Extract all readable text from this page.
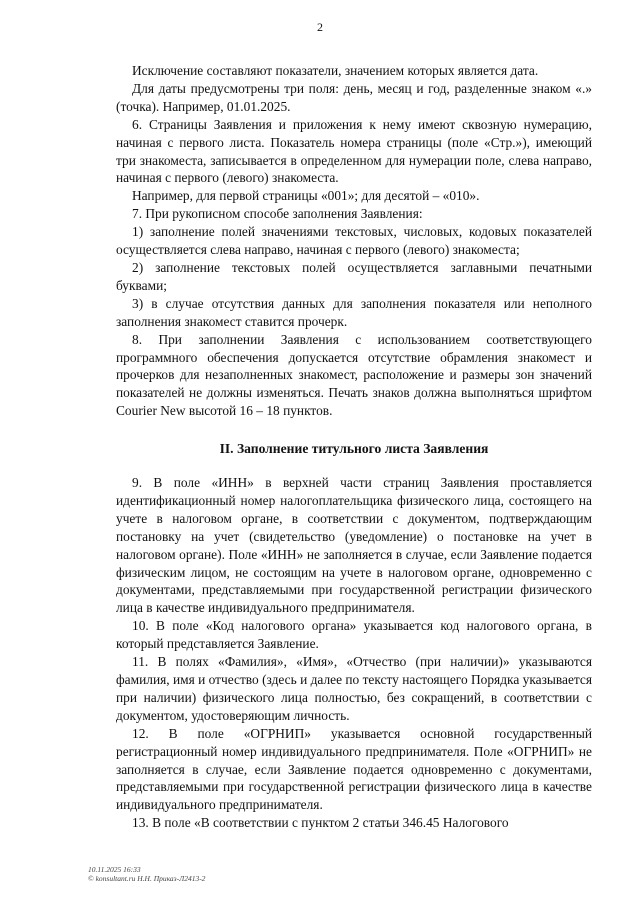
2

Исключение составляют показатели, значением которых является дата.

Для даты предусмотрены три поля: день, месяц и год, разделенные знаком «.» (точка). Например, 01.01.2025.

6. Страницы Заявления и приложения к нему имеют сквозную нумерацию, начиная с первого листа. Показатель номера страницы (поле «Стр.»), имеющий три знакоместа, записывается в определенном для нумерации поле, слева направо, начиная с первого (левого) знакоместа.

Например, для первой страницы «001»; для десятой – «010».

7. При рукописном способе заполнения Заявления:

1) заполнение полей значениями текстовых, числовых, кодовых показателей осуществляется слева направо, начиная с первого (левого) знакоместа;

2) заполнение текстовых полей осуществляется заглавными печатными буквами;

3) в случае отсутствия данных для заполнения показателя или неполного заполнения знакомест ставится прочерк.

8. При заполнении Заявления с использованием соответствующего программного обеспечения допускается отсутствие обрамления знакомест и прочерков для незаполненных знакомест, расположение и размеры зон значений показателей не должны изменяться. Печать знаков должна выполняться шрифтом Courier New высотой 16 – 18 пунктов.

II. Заполнение титульного листа Заявления

9. В поле «ИНН» в верхней части страниц Заявления проставляется идентификационный номер налогоплательщика физического лица, состоящего на учете в налоговом органе, в соответствии с документом, подтверждающим постановку на учет (свидетельство (уведомление) о постановке на учет в налоговом органе). Поле «ИНН» не заполняется в случае, если Заявление подается физическим лицом, не состоящим на учете в налоговом органе, одновременно с документами, представляемыми при государственной регистрации физического лица в качестве индивидуального предпринимателя.

10. В поле «Код налогового органа» указывается код налогового органа, в который представляется Заявление.

11. В полях «Фамилия», «Имя», «Отчество (при наличии)» указываются фамилия, имя и отчество (здесь и далее по тексту настоящего Порядка указывается при наличии) физического лица полностью, без сокращений, в соответствии с документом, удостоверяющим личность.

12. В поле «ОГРНИП» указывается основной государственный регистрационный номер индивидуального предпринимателя. Поле «ОГРНИП» не заполняется в случае, если Заявление подается одновременно с документами, представляемыми при государственной регистрации физического лица в качестве индивидуального предпринимателя.

13. В поле «В соответствии с пунктом 2 статьи 346.45 Налогового

10.11.2025 16:33
© konsultant.ru Н.Н. Приказ-Л2413-2
